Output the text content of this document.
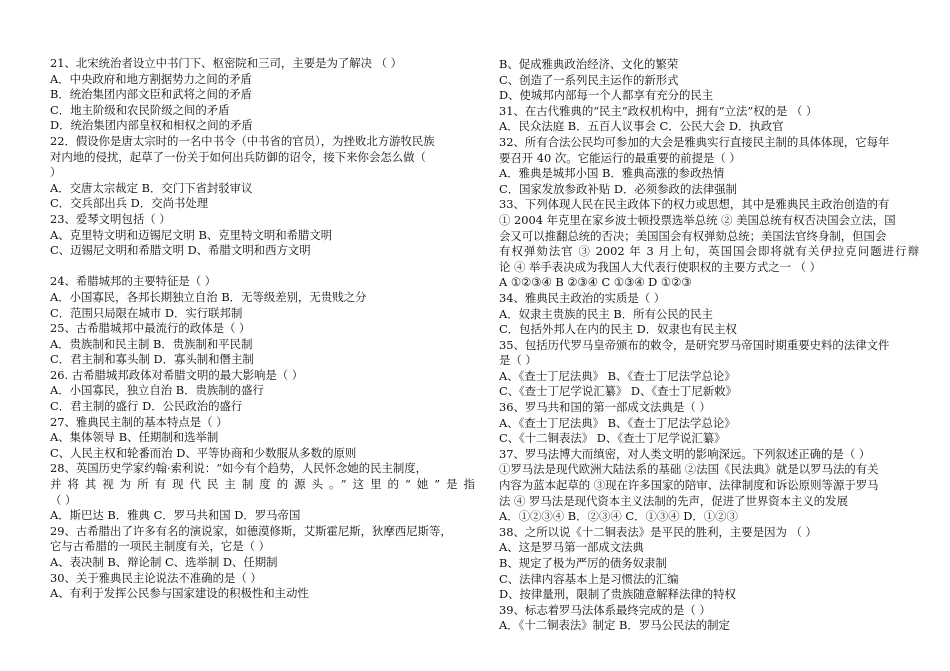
21、北宋统治者设立中书门下、枢密院和三司，主要是为了解决 （ ）
A．中央政府和地方割据势力之间的矛盾
B．统治集团内部文臣和武将之间的矛盾
C．地主阶级和农民阶级之间的矛盾
D．统治集团内部皇权和相权之间的矛盾
22．假设你是唐太宗时的一名中书令（中书省的官员），为挫败北方游牧民族
对内地的侵扰，起草了一份关于如何出兵防御的诏令，接下来你会怎么做（
）
A．交唐太宗裁定 B．交门下省封驳审议
C．交兵部出兵 D．交尚书处理
23、爱琴文明包括（ ）
A、克里特文明和迈锡尼文明 B、克里特文明和希腊文明
C、迈锡尼文明和希腊文明 D、希腊文明和西方文明
24、希腊城邦的主要特征是（ ）
A．小国寡民，各邦长期独立自治 B．无等级差别，无贵贱之分
C．范围只局限在城市 D．实行联邦制
25、古希腊城邦中最流行的政体是（ ）
A．贵族制和民主制 B．贵族制和平民制
C．君主制和寡头制 D．寡头制和僭主制
26. 古希腊城邦政体对希腊文明的最大影响是（ ）
A．小国寡民，独立自治 B．贵族制的盛行
C．君主制的盛行 D．公民政治的盛行
27、雅典民主制的基本特点是（ ）
A、集体领导 B、任期制和选举制
C、人民主权和轮番而治 D、平等协商和少数服从多数的原则
28、英国历史学家约翰·索利说：“如今有个趋势，人民怀念她的民主制度，
并将其视为所有现代民主制度的源头。”这里的“她”是指
（ ）
A．斯巴达 B．雅典 C．罗马共和国 D．罗马帝国
29、古希腊出了许多有名的演说家，如德漠修斯，艾斯霍尼斯，狄摩西尼斯等，
它与古希腊的一项民主制度有关，它是（ ）
A、表决制 B、辩论制 C、选举制 D、任期制
30、关于雅典民主论说法不准确的是（ ）
A、有利于发挥公民参与国家建设的积极性和主动性
B、促成雅典政治经济、文化的繁荣
C、创造了一系列民主运作的新形式
D、使城邦内部每一个人都享有充分的民主
31、在古代雅典的“民主”政权机构中，拥有“立法”权的是 （ ）
A．民众法庭 B．五百人议事会 C．公民大会 D．执政官
32、所有合法公民均可参加的大会是雅典实行直接民主制的具体体现，它每年
要召开 40 次。它能运行的最重要的前提是（ ）
A．雅典是城邦小国 B．雅典高涨的参政热情
C．国家发放参政补贴 D．必须参政的法律强制
33、下列体现人民在民主政体下的权力或思想，其中是雅典民主政治创造的有
① 2004 年克里在家乡波士顿投票选举总统 ② 美国总统有权否决国会立法，国
会又可以推翻总统的否决；美国国会有权弹劾总统；美国法官终身制，但国会
有权弹劾法官 ③ 2002 年 3 月上旬，英国国会即将就有关伊拉克问题进行辩
论 ④ 举手表决成为我国人大代表行使职权的主要方式之一 （ ）
A ①②③④ B ②③④ C ①③④ D ①②③
34、雅典民主政治的实质是（ ）
A．奴隶主贵族的民主 B．所有公民的民主
C．包括外邦人在内的民主 D．奴隶也有民主权
35、包括历代罗马皇帝颁布的敕令，是研究罗马帝国时期重要史料的法律文件
是（ ）
A、《查士丁尼法典》 B、《查士丁尼法学总论》
C、《查士丁尼学说汇纂》 D、《查士丁尼新敕》
36、罗马共和国的第一部成文法典是（ ）
A、《查士丁尼法典》 B、《查士丁尼法学总论》
C、《十二铜表法》 D、《查士丁尼学说汇纂》
37、罗马法博大而缜密，对人类文明的影响深远。下列叙述正确的是（ ）
①罗马法是现代欧洲大陆法系的基础 ②法国《民法典》就是以罗马法的有关
内容为蓝本起草的 ③现在许多国家的陪审、法律制度和诉讼原则等源于罗马
法 ④ 罗马法是现代资本主义法制的先声，促进了世界资本主义的发展
A．①②③④ B．②③④ C．①③④ D．①②③
38、之所以说《十二铜表法》是平民的胜利，主要是因为 （ ）
A、这是罗马第一部成文法典
B、规定了极为严厉的债务奴隶制
C、法律内容基本上是习惯法的汇编
D、按律量刑，限制了贵族随意解释法律的特权
39、标志着罗马法体系最终完成的是（ ）
A．《十二铜表法》制定 B．罗马公民法的制定
